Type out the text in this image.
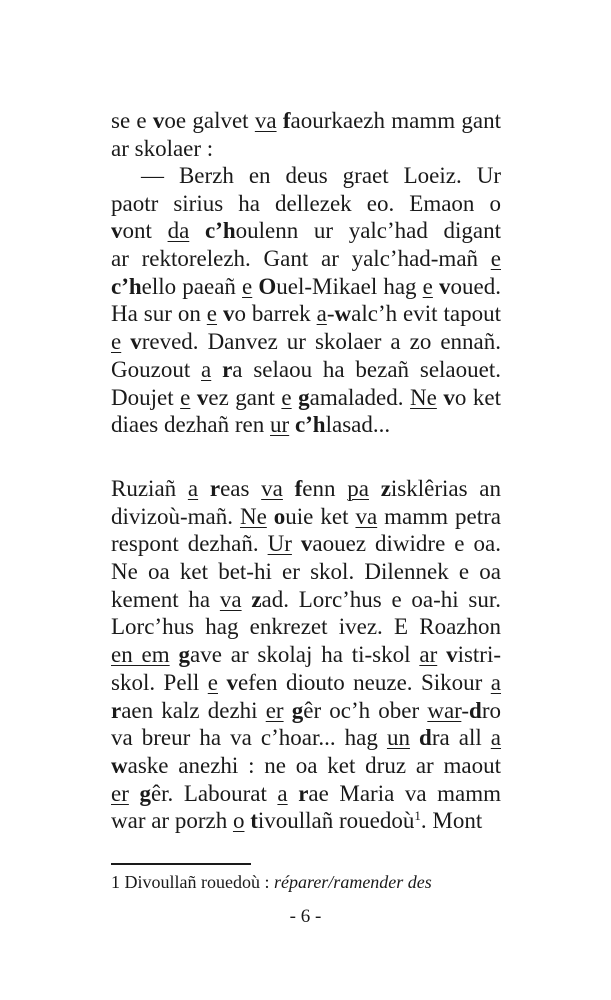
se e voe galvet va faourkaezh mamm gant
ar skolaer :
— Berzh en deus graet Loeiz. Ur
paotr sirius ha dellezek eo. Emaon o
vont da c’houlenn ur yalc’had digant
ar rektorelezh. Gant ar yalc’had-mañ e
c’hello paeañ e Ouel-Mikael hag e voued.
Ha sur on e vo barrek a-walc’h evit tapout
e vreved. Danvez ur skolaer a zo ennañ.
Gouzout a ra selaou ha bezañ selaouet.
Doujet e vez gant e gamaladed. Ne vo ket
diaes dezhañ ren ur c’hlasad...
Ruziañ a reas va fenn pa zisklêrias an
divizoù-mañ. Ne ouie ket va mamm petra
respont dezhañ. Ur vaouez diwidre e oa.
Ne oa ket bet-hi er skol. Dilennek e oa
kement ha va zad. Lorc’hus e oa-hi sur.
Lorc’hus hag enkrezet ivez. E Roazhon
en em gave ar skolaj ha ti-skol ar vistri-
skol. Pell e vefen diouto neuze. Sikour a
raen kalz dezhi er gêr oc’h ober war-dro
va breur ha va c’hoar... hag un dra all a
waske anezhi : ne oa ket druz ar maout
er gêr. Labourat a rae Maria va mamm
war ar porzh o tivoullañ rouedoù$^1$. Mont
1 Divoullañ rouedoù : réparer/ramender des
- 6 -
